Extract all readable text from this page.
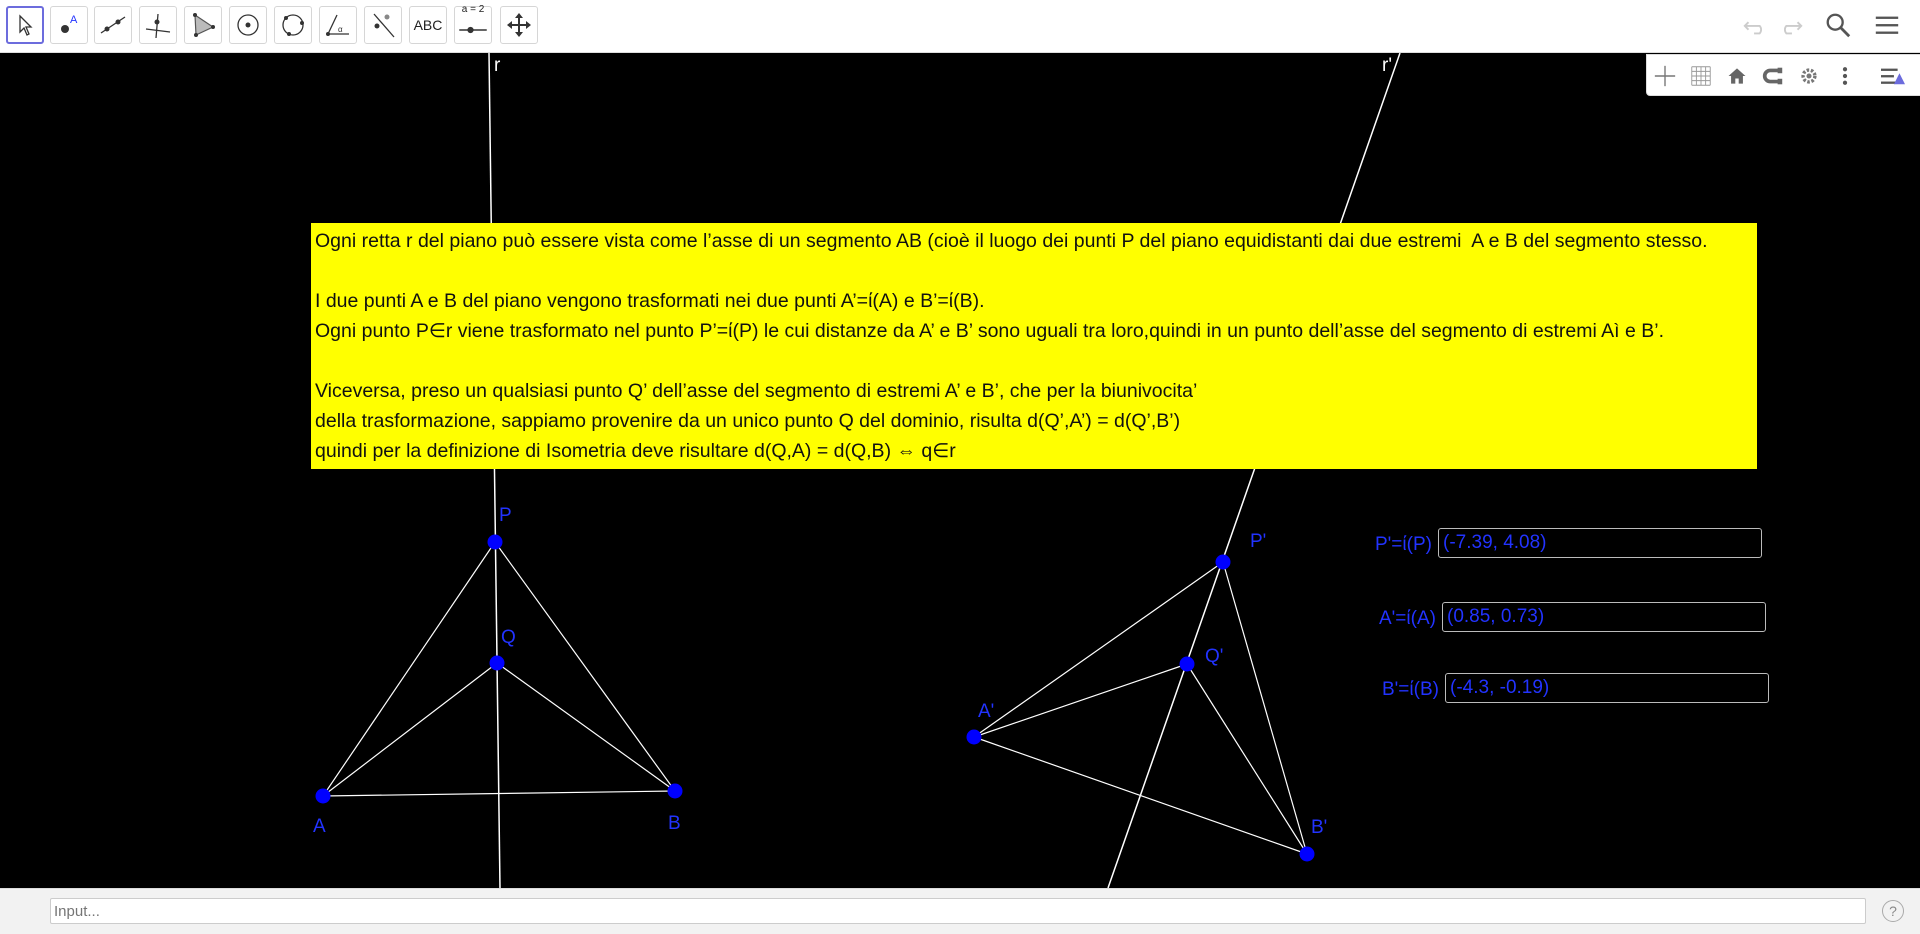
A
α	ABC
a = 2
r	r'
P
Q
A	B
P'
Q'
A'
B'
Ogni retta r del piano può essere vista come l’asse di un segmento AB (cioè il luogo dei punti P del piano equidistanti dai due estremi  A e B del segmento stesso.
I due punti A e B del piano vengono trasformati nei due punti A’=ί(A) e B’=ί(B).
Ogni punto P∈r viene trasformato nel punto P’=ί(P) le cui distanze da A’ e B’ sono uguali tra loro,quindi in un punto dell’asse del segmento di estremi Aì e B’.
Viceversa, preso un qualsiasi punto Q’ dell’asse del segmento di estremi A’ e B’, che per la biunivocita’
della trasformazione, sappiamo provenire da un unico punto Q del dominio, risulta d(Q’,A’) = d(Q’,B’)
quindi per la definizione di Isometria deve risultare d(Q,A) = d(Q,B) ⇔ q∈r
P'=ί(P) (-7.39, 4.08)
A'=ί(A) (0.85, 0.73)
B'=ί(B) (-4.3, -0.19)
Input...
?
